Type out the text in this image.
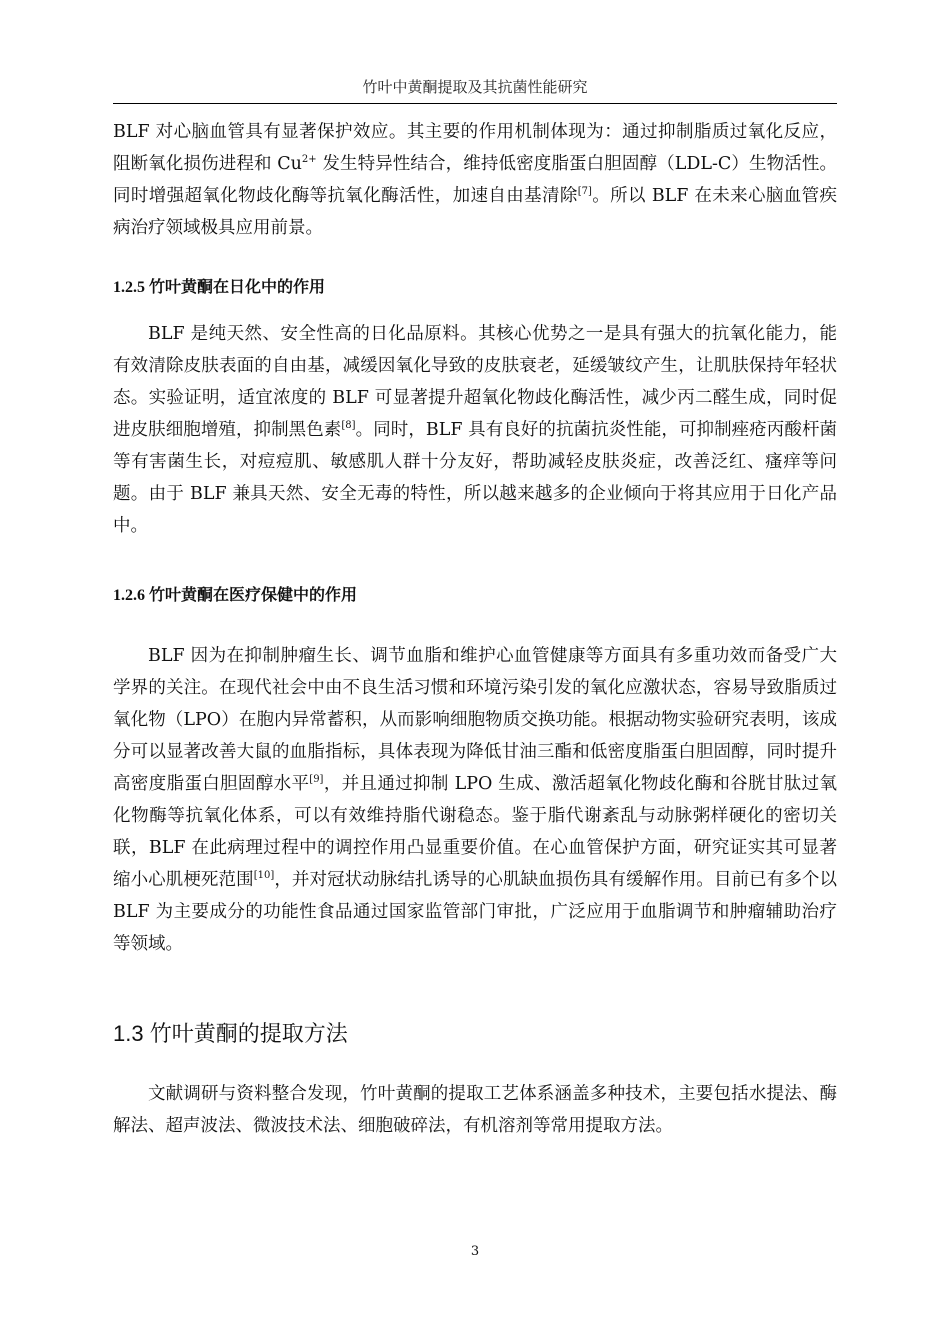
竹叶中黄酮提取及其抗菌性能研究

BLF 对心脑血管具有显著保护效应。其主要的作用机制体现为：通过抑制脂质过氧化反应，阻断氧化损伤进程和 $Cu^{2+}$ 发生特异性结合，维持低密度脂蛋白胆固醇（LDL-C）生物活性。同时增强超氧化物歧化酶等抗氧化酶活性，加速自由基清除[7]。所以 BLF 在未来心脑血管疾病治疗领域极具应用前景。

1.2.5 竹叶黄酮在日化中的作用

BLF 是纯天然、安全性高的日化品原料。其核心优势之一是具有强大的抗氧化能力，能有效清除皮肤表面的自由基，减缓因氧化导致的皮肤衰老，延缓皱纹产生，让肌肤保持年轻状态。实验证明，适宜浓度的 BLF 可显著提升超氧化物歧化酶活性，减少丙二醛生成，同时促进皮肤细胞增殖，抑制黑色素[8]。同时，BLF 具有良好的抗菌抗炎性能，可抑制痤疮丙酸杆菌等有害菌生长，对痘痘肌、敏感肌人群十分友好，帮助减轻皮肤炎症，改善泛红、瘙痒等问题。由于 BLF 兼具天然、安全无毒的特性，所以越来越多的企业倾向于将其应用于日化产品中。

1.2.6 竹叶黄酮在医疗保健中的作用

BLF 因为在抑制肿瘤生长、调节血脂和维护心血管健康等方面具有多重功效而备受广大学界的关注。在现代社会中由不良生活习惯和环境污染引发的氧化应激状态，容易导致脂质过氧化物（LPO）在胞内异常蓄积，从而影响细胞物质交换功能。根据动物实验研究表明，该成分可以显著改善大鼠的血脂指标，具体表现为降低甘油三酯和低密度脂蛋白胆固醇，同时提升高密度脂蛋白胆固醇水平[9]，并且通过抑制 LPO 生成、激活超氧化物歧化酶和谷胱甘肽过氧化物酶等抗氧化体系，可以有效维持脂代谢稳态。鉴于脂代谢紊乱与动脉粥样硬化的密切关联，BLF 在此病理过程中的调控作用凸显重要价值。在心血管保护方面，研究证实其可显著缩小心肌梗死范围[10]，并对冠状动脉结扎诱导的心肌缺血损伤具有缓解作用。目前已有多个以 BLF 为主要成分的功能性食品通过国家监管部门审批，广泛应用于血脂调节和肿瘤辅助治疗等领域。

1.3 竹叶黄酮的提取方法

文献调研与资料整合发现，竹叶黄酮的提取工艺体系涵盖多种技术，主要包括水提法、酶解法、超声波法、微波技术法、细胞破碎法，有机溶剂等常用提取方法。

3
